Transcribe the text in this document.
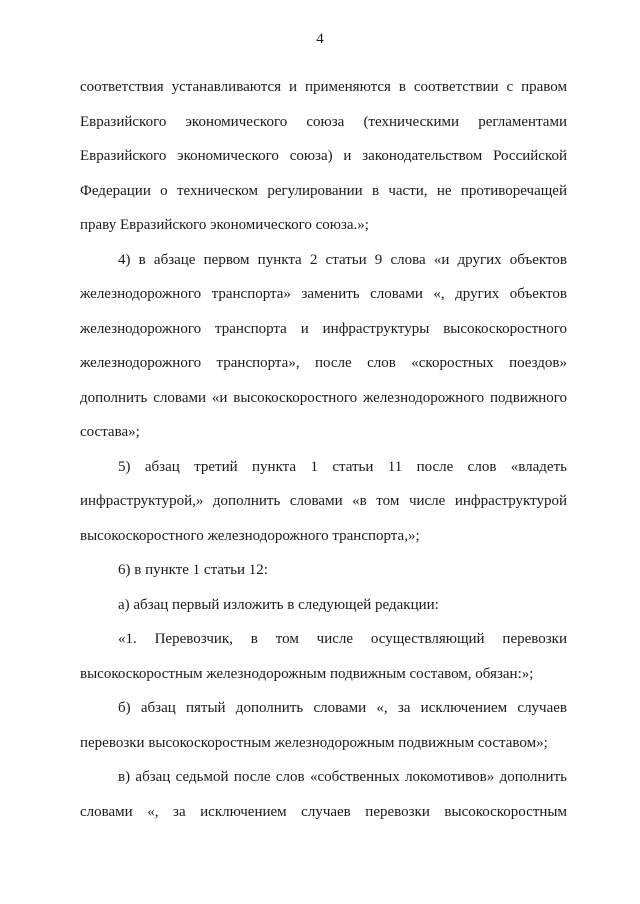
4
соответствия устанавливаются и применяются в соответствии с правом
Евразийского экономического союза (техническими регламентами
Евразийского экономического союза) и законодательством Российской
Федерации о техническом регулировании в части, не противоречащей
праву Евразийского экономического союза.»;
4) в абзаце первом пункта 2 статьи 9 слова «и других объектов
железнодорожного транспорта» заменить словами «, других объектов
железнодорожного транспорта и инфраструктуры высокоскоростного
железнодорожного транспорта», после слов «скоростных поездов»
дополнить словами «и высокоскоростного железнодорожного подвижного
состава»;
5) абзац третий пункта 1 статьи 11 после слов «владеть
инфраструктурой,» дополнить словами «в том числе инфраструктурой
высокоскоростного железнодорожного транспорта,»;
6) в пункте 1 статьи 12:
а) абзац первый изложить в следующей редакции:
«1. Перевозчик, в том числе осуществляющий перевозки
высокоскоростным железнодорожным подвижным составом, обязан:»;
б) абзац пятый дополнить словами «, за исключением случаев
перевозки высокоскоростным железнодорожным подвижным составом»;
в) абзац седьмой после слов «собственных локомотивов» дополнить
словами «, за исключением случаев перевозки высокоскоростным
